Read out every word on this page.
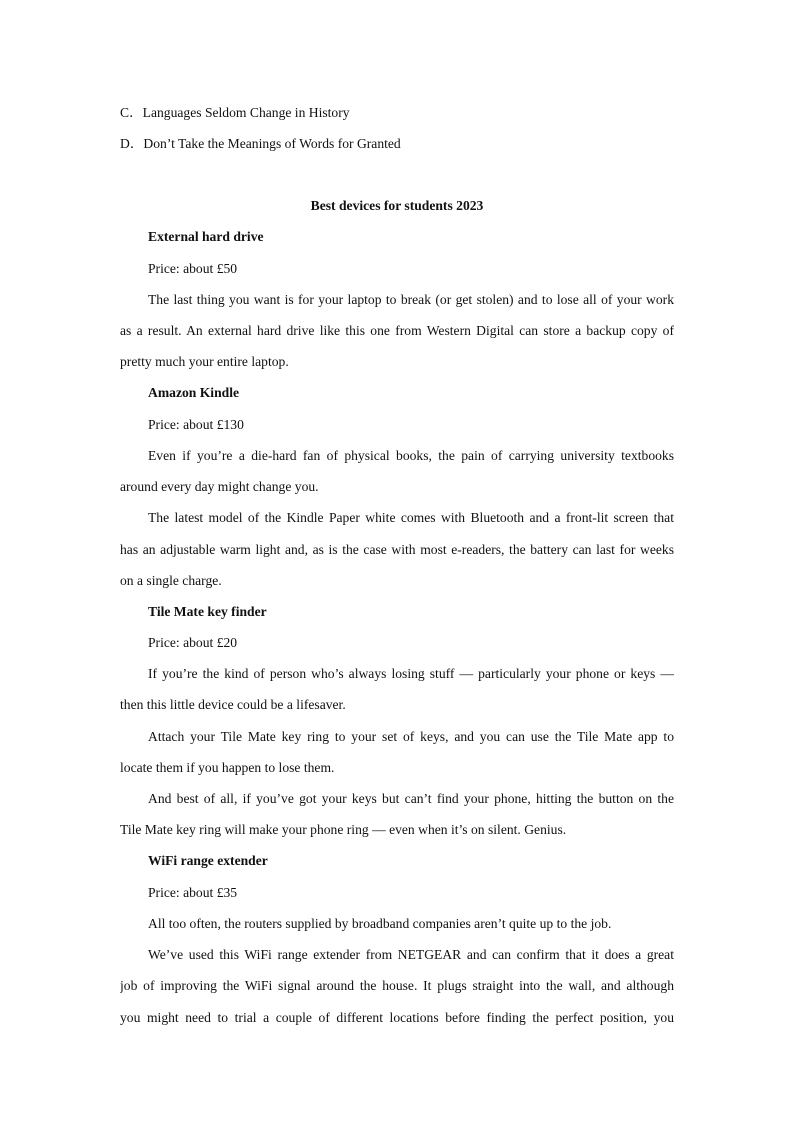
C．Languages Seldom Change in History
D．Don’t Take the Meanings of Words for Granted
Best devices for students 2023
External hard drive
Price: about £50
The last thing you want is for your laptop to break (or get stolen) and to lose all of your work
as a result. An external hard drive like this one from Western Digital can store a backup copy of
pretty much your entire laptop.
Amazon Kindle
Price: about £130
Even if you’re a die-hard fan of physical books, the pain of carrying university textbooks
around every day might change you.
The latest model of the Kindle Paper white comes with Bluetooth and a front-lit screen that
has an adjustable warm light and, as is the case with most e-readers, the battery can last for weeks
on a single charge.
Tile Mate key finder
Price: about £20
If you’re the kind of person who’s always losing stuff — particularly your phone or keys —
then this little device could be a lifesaver.
Attach your Tile Mate key ring to your set of keys, and you can use the Tile Mate app to
locate them if you happen to lose them.
And best of all, if you’ve got your keys but can’t find your phone, hitting the button on the
Tile Mate key ring will make your phone ring — even when it’s on silent. Genius.
WiFi range extender
Price: about £35
All too often, the routers supplied by broadband companies aren’t quite up to the job.
We’ve used this WiFi range extender from NETGEAR and can confirm that it does a great
job of improving the WiFi signal around the house. It plugs straight into the wall, and although
you might need to trial a couple of different locations before finding the perfect position, you
